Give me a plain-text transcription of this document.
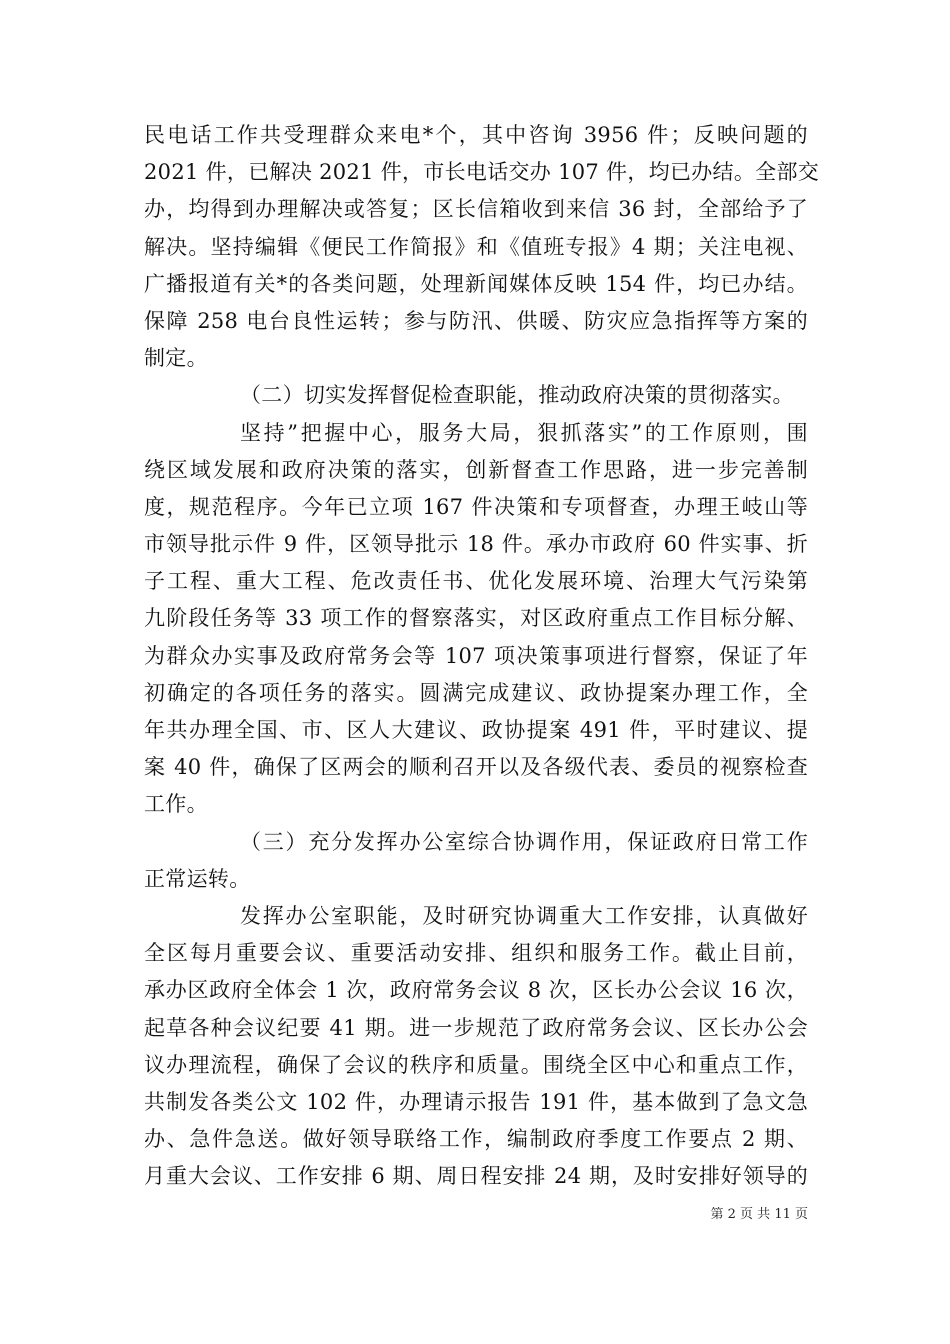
民电话工作共受理群众来电*个，其中咨询 3956 件；反映问题的
2021 件，已解决 2021 件，市长电话交办 107 件，均已办结。全部交
办，均得到办理解决或答复；区长信箱收到来信 36 封，全部给予了
解决。坚持编辑《便民工作简报》和《值班专报》4 期；关注电视、
广播报道有关*的各类问题，处理新闻媒体反映 154 件，均已办结。
保障 258 电台良性运转；参与防汛、供暖、防灾应急指挥等方案的
制定。
（二）切实发挥督促检查职能，推动政府决策的贯彻落实。
坚持”把握中心，服务大局，狠抓落实”的工作原则，围
绕区域发展和政府决策的落实，创新督查工作思路，进一步完善制
度，规范程序。今年已立项 167 件决策和专项督查，办理王岐山等
市领导批示件 9 件，区领导批示 18 件。承办市政府 60 件实事、折
子工程、重大工程、危改责任书、优化发展环境、治理大气污染第
九阶段任务等 33 项工作的督察落实，对区政府重点工作目标分解、
为群众办实事及政府常务会等 107 项决策事项进行督察，保证了年
初确定的各项任务的落实。圆满完成建议、政协提案办理工作，全
年共办理全国、市、区人大建议、政协提案 491 件，平时建议、提
案 40 件，确保了区两会的顺利召开以及各级代表、委员的视察检查
工作。
（三）充分发挥办公室综合协调作用，保证政府日常工作
正常运转。
发挥办公室职能，及时研究协调重大工作安排，认真做好
全区每月重要会议、重要活动安排、组织和服务工作。截止目前，
承办区政府全体会 1 次，政府常务会议 8 次，区长办公会议 16 次，
起草各种会议纪要 41 期。进一步规范了政府常务会议、区长办公会
议办理流程，确保了会议的秩序和质量。围绕全区中心和重点工作，
共制发各类公文 102 件，办理请示报告 191 件，基本做到了急文急
办、急件急送。做好领导联络工作，编制政府季度工作要点 2 期、
月重大会议、工作安排 6 期、周日程安排 24 期，及时安排好领导的
第 2 页 共 11 页
